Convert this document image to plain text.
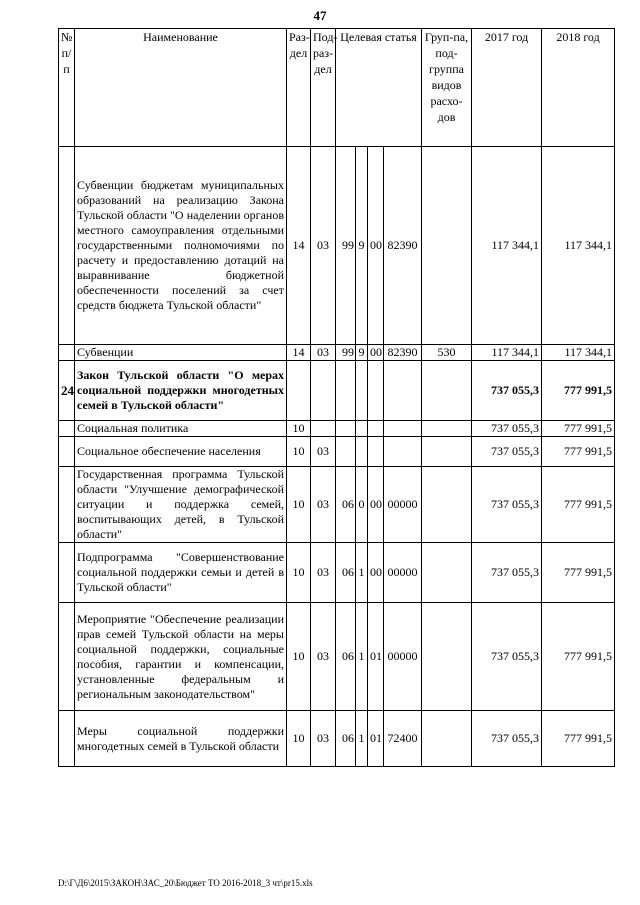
47
№ п/п	Наименование	Раз-дел	Под-раз-дел	Целевая статья				Груп-па, под-группа видов расхо-дов	2017 год	2018 год
	Субвенции бюджетам муниципальных образований на реализацию Закона Тульской области "О наделении органов местного самоуправления отдельными государственными полномочиями по расчету и предоставлению дотаций на выравнивание бюджетной обеспеченности поселений за счет средств бюджета Тульской области"	14	03	99	9	00	82390		117 344,1	117 344,1
	Субвенции	14	03	99	9	00	82390	530	117 344,1	117 344,1
24	Закон Тульской области "О мерах социальной поддержки многодетных семей в Тульской области"								737 055,3	777 991,5
	Социальная политика	10							737 055,3	777 991,5
	Социальное обеспечение населения	10	03						737 055,3	777 991,5
	Государственная программа Тульской области "Улучшение демографической ситуации и поддержка семей, воспитывающих детей, в Тульской области"	10	03	06	0	00	00000		737 055,3	777 991,5
	Подпрограмма "Совершенствование социальной поддержки семьи и детей в Тульской области"	10	03	06	1	00	00000		737 055,3	777 991,5
	Мероприятие "Обеспечение реализации прав семей Тульской области на меры социальной поддержки, социальные пособия, гарантии и компенсации, установленные федеральным и региональным законодательством"	10	03	06	1	01	00000		737 055,3	777 991,5
	Меры социальной поддержки многодетных семей в Тульской области	10	03	06	1	01	72400		737 055,3	777 991,5
D:\Г\Д6\2015\ЗАКОН\ЗАС_20\Бюджет ТО 2016-2018_3 чт\pr15.xls
